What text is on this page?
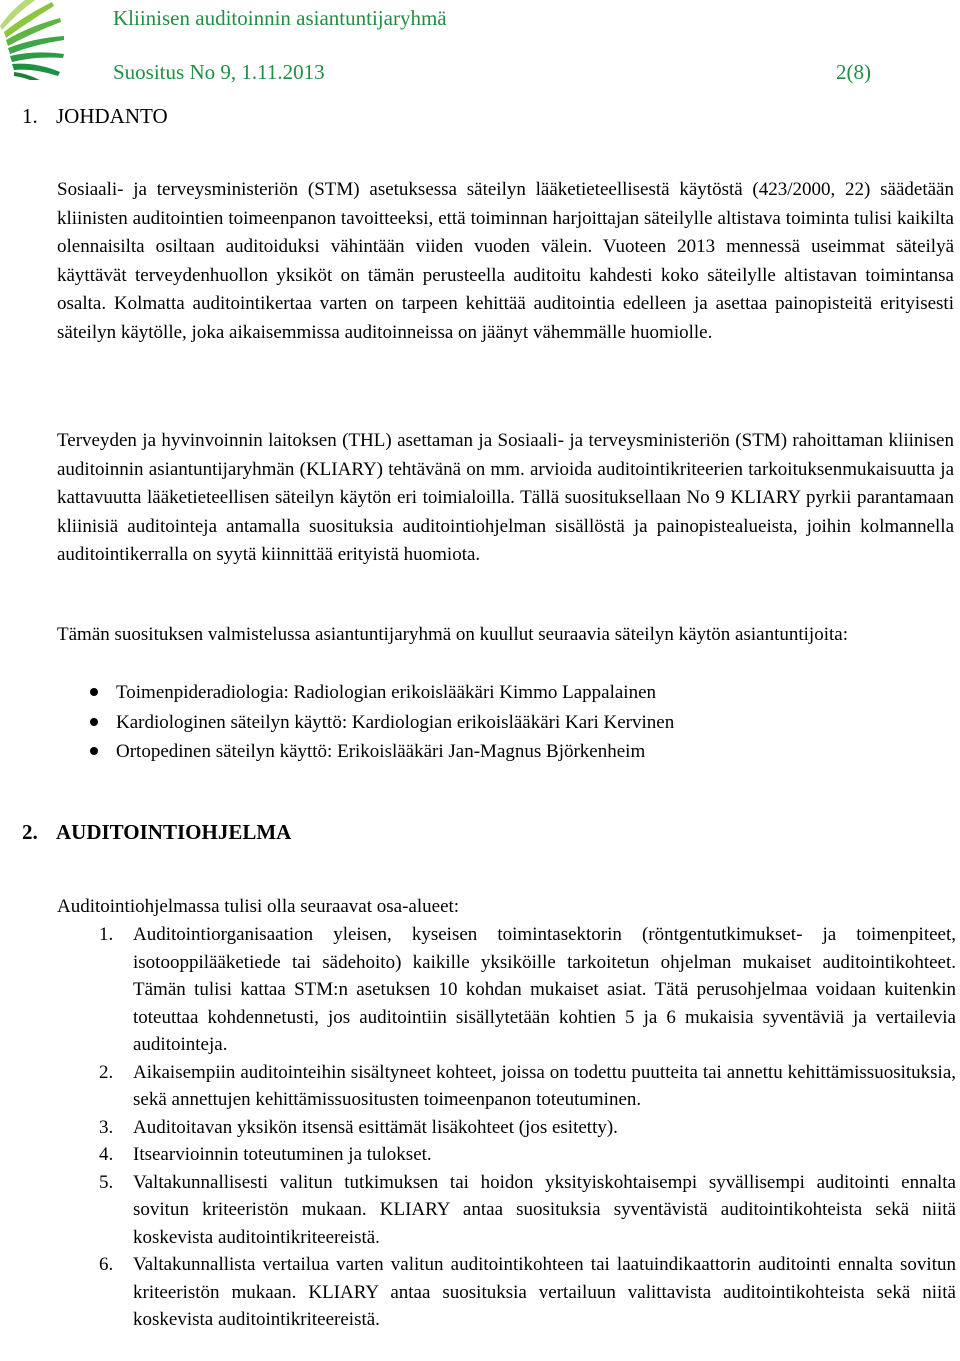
Kliinisen auditoinnin asiantuntijaryhmä
Suositus No 9, 1.11.2013	2(8)
1. JOHDANTO

Sosiaali- ja terveysministeriön (STM) asetuksessa säteilyn lääketieteellisestä käytöstä (423/2000, 22) säädetään kliinisten auditointien toimeenpanon tavoitteeksi, että toiminnan harjoittajan säteilylle altistava toiminta tulisi kaikilta olennaisilta osiltaan auditoiduksi vähintään viiden vuoden välein. Vuoteen 2013 mennessä useimmat säteilyä käyttävät terveydenhuollon yksiköt on tämän perusteella auditoitu kahdesti koko säteilylle altistavan toimintansa osalta. Kolmatta auditointikertaa varten on tarpeen kehittää auditointia edelleen ja asettaa painopisteitä erityisesti säteilyn käytölle, joka aikaisemmissa auditoinneissa on jäänyt vähemmälle huomiolle.

Terveyden ja hyvinvoinnin laitoksen (THL) asettaman ja Sosiaali- ja terveysministeriön (STM) rahoittaman kliinisen auditoinnin asiantuntijaryhmän (KLIARY) tehtävänä on mm. arvioida auditointikriteerien tarkoituksenmukaisuutta ja kattavuutta lääketieteellisen säteilyn käytön eri toimialoilla. Tällä suosituksellaan No 9 KLIARY pyrkii parantamaan kliinisiä auditointeja antamalla suosituksia auditointiohjelman sisällöstä ja painopistealueista, joihin kolmannella auditointikerralla on syytä kiinnittää erityistä huomiota.

Tämän suosituksen valmistelussa asiantuntijaryhmä on kuullut seuraavia säteilyn käytön asiantuntijoita:

Toimenpideradiologia: Radiologian erikoislääkäri Kimmo Lappalainen
Kardiologinen säteilyn käyttö: Kardiologian erikoislääkäri Kari Kervinen
Ortopedinen säteilyn käyttö: Erikoislääkäri Jan-Magnus Björkenheim
2. AUDITOINTIOHJELMA

Auditointiohjelmassa tulisi olla seuraavat osa-alueet:

1. Auditointiorganisaation yleisen, kyseisen toimintasektorin (röntgentutkimukset- ja toimenpiteet, isotooppilääketiede tai sädehoito) kaikille yksiköille tarkoitetun ohjelman mukaiset auditointikohteet. Tämän tulisi kattaa STM:n asetuksen 10 kohdan mukaiset asiat. Tätä perusohjelmaa voidaan kuitenkin toteuttaa kohdennetusti, jos auditointiin sisällytetään kohtien 5 ja 6 mukaisia syventäviä ja vertailevia auditointeja.
2. Aikaisempiin auditointeihin sisältyneet kohteet, joissa on todettu puutteita tai annettu kehittämissuosituksia, sekä annettujen kehittämissuositusten toimeenpanon toteutuminen.
3. Auditoitavan yksikön itsensä esittämät lisäkohteet (jos esitetty).
4. Itsearvioinnin toteutuminen ja tulokset.
5. Valtakunnallisesti valitun tutkimuksen tai hoidon yksityiskohtaisempi syvällisempi auditointi ennalta sovitun kriteeristön mukaan. KLIARY antaa suosituksia syventävistä auditointikohteista sekä niitä koskevista auditointikriteereistä.
6. Valtakunnallista vertailua varten valitun auditointikohteen tai laatuindikaattorin auditointi ennalta sovitun kriteeristön mukaan. KLIARY antaa suosituksia vertailuun valittavista auditointikohteista sekä niitä koskevista auditointikriteereistä.
